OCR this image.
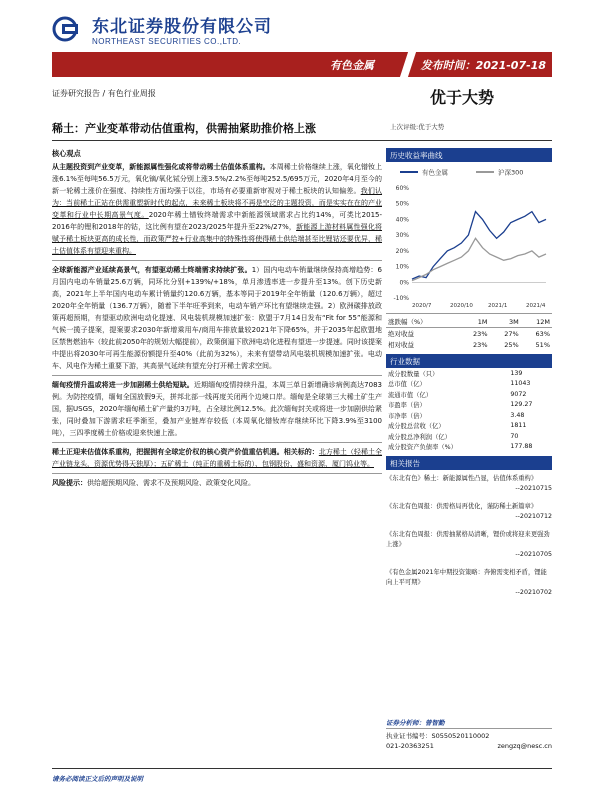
东北证券股份有限公司
NORTHEAST SECURITIES CO.,LTD.
有色金属	发布时间：2021-07-18
证券研究报告 / 有色行业周报	优于大势
稀土：产业变革带动估值重构，供需抽紧助推价格上涨	上次评级:优于大势
核心观点

从主题投资到产业变革，新能源属性强化或将带动稀土估值体系重构。本周稀土价格继续上涨，氧化镨钕上涨6.1%至每吨56.5万元，氧化镝/氧化铽分别上涨3.5%/2.2%至每吨252.5/695万元，2020年4月至今的新一轮稀土涨价在强度、持续性方面均强于以往，市场有必要重新审视对于稀土板块的认知偏差。我们认为：当前稀土正站在供需重塑新时代的起点，未来稀土板块将不再是空泛的主题投资，而是实实在在的产业变革和行业中长期高景气度。2020年稀土镨钕终端需求中新能源领域需求占比约14%，可类比2015-2016年的锂和2018年的钴，这比例有望在2023/2025年提升至22%/27%，新能源上游材料属性强化将赋予稀土板块更高的成长性，而政策严控+行业高集中的特殊性将使得稀土供给端甚至比锂钴还要优异，稀土估值体系有望迎来重构。

全球新能源产业延续高景气，有望驱动稀土终端需求持续扩张。1）国内电动车销量继续保持高增趋势：6月国内电动车销量25.6万辆，同环比分别+139%/+18%，单月渗透率进一步提升至13%。创下历史新高，2021年上半年国内电动车累计销量约120.6万辆，基本等同于2019年全年销量（120.6万辆），超过2020年全年销量（136.7万辆），随着下半年旺季到来，电动车销产环比有望继续走强。2）欧洲碳排放政策再超预期，有望驱动欧洲电动化提速、风电装机规模加速扩张：欧盟于7月14日发布“Fit for 55”能源和气候一揽子提案，提案要求2030年新增乘用车/商用车排放量较2021年下降65%，并于2035年起欧盟地区禁售燃油车（较此前2050年的规划大幅提前），政策倒逼下欧洲电动化进程有望进一步提速。同时该提案中提出将2030年可再生能源份额提升至40%（此前为32%），未来有望带动风电装机规模加速扩张。电动车、风电作为稀土重要下游，其高景气延续有望充分打开稀土需求空间。

缅甸疫情升温或将进一步加剧稀土供给短缺。近期缅甸疫情持续升温，本周三单日新增确诊病例高达7083例。为防控疫情，缅甸全国放假9天，拼邦北部一线再度关闭两个边境口岸。缅甸是全球第三大稀土矿生产国，据USGS，2020年缅甸稀土矿产量约3万吨，占全球比例12.5%。此次缅甸封关或将进一步加剧供给紧张，同时叠加下游需求旺季渐至，叠加产业链库存较低（本周氧化镨钕库存继续环比下降3.9%至3100吨），三四季度稀土价格或迎来快速上涨。

稀土正迎来估值体系重构，把握拥有全球定价权的核心资产价值重估机遇。相关标的：北方稀土（轻稀土全产业链龙头，资源优势得天独厚）；五矿稀土（纯正的重稀土标的）、包钢股份、盛和资源、厦门钨业等。

风险提示：供给超预期风险、需求不及预期风险、政策变化风险。

历史收益率曲线
有色金属	沪深300
60%
50%
40%
30%
20%
10%
0%
-10%
2020/7	2020/10	2021/1	2021/4
涨跌幅（%）	1M	3M	12M
绝对收益	23%	27%	63%
相对收益	23%	25%	51%
行业数据
成分股数量（只）	139
总市值（亿）	11043
流通市值（亿）	9072
市盈率（倍）	129.27
市净率（倍）	3.48
成分股总营收（亿）	1811
成分股总净利润（亿）	70
成分股资产负债率（%）	177.88
相关报告
《东北有色》稀土：新能源属性凸显，估值体系重构》
--20210715
《东北有色周报：供需格局再优化，谨防稀土新篇章》
--20210712
《东北有色周报：供需抽紧格局清晰，锂价或将迎来更强劲上涨》
--20210705
《有色金属2021年中期投资策略：奔俯需变相矛盾，锂能向上平可期》
--20210702
证券分析师：曾智勤
执业证书编号：S0550520110002
021-20363251	zengzq@nesc.cn
请务必阅读正文后的声明及说明
